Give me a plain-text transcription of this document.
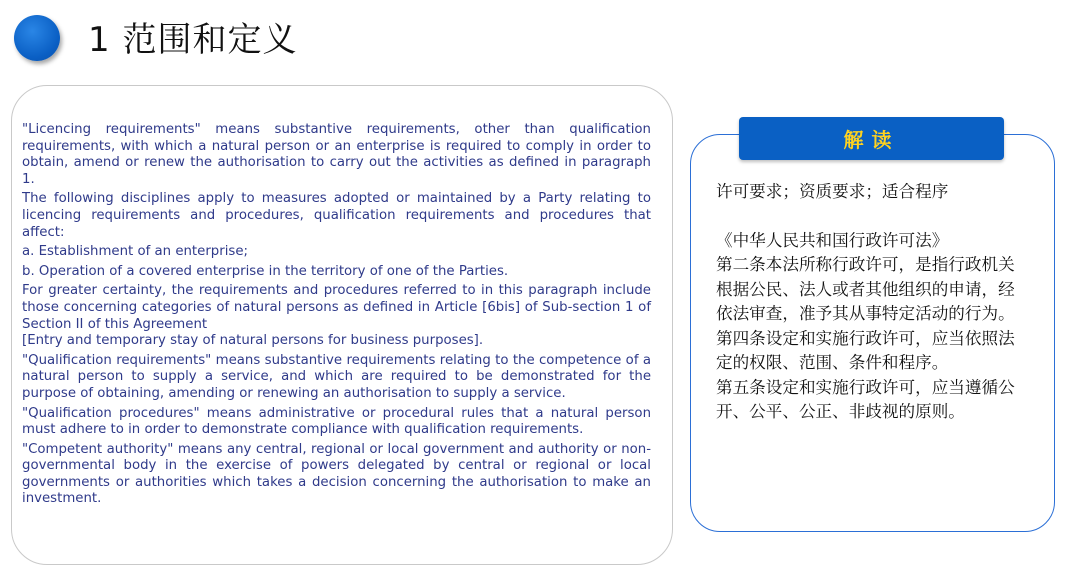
1 范围和定义

"Licencing requirements" means substantive requirements, other than qualification requirements, with which a natural person or an enterprise is required to comply in order to obtain, amend or renew the authorisation to carry out the activities as defined in paragraph 1.

The following disciplines apply to measures adopted or maintained by a Party relating to licencing requirements and procedures, qualification requirements and procedures that affect:

a. Establishment of an enterprise;

b. Operation of a covered enterprise in the territory of one of the Parties.

For greater certainty, the requirements and procedures referred to in this paragraph include those concerning categories of natural persons as defined in Article [6bis] of Sub-section 1 of Section II of this Agreement

[Entry and temporary stay of natural persons for business purposes].

"Qualification requirements" means substantive requirements relating to the competence of a natural person to supply a service, and which are required to be demonstrated for the purpose of obtaining, amending or renewing an authorisation to supply a service.

"Qualification procedures" means administrative or procedural rules that a natural person must adhere to in order to demonstrate compliance with qualification requirements.

"Competent authority" means any central, regional or local government and authority or non-governmental body in the exercise of powers delegated by central or regional or local governments or authorities which takes a decision concerning the authorisation to make an investment.

解读

许可要求；资质要求；适合程序

《中华人民共和国行政许可法》

第二条本法所称行政许可，是指行政机关根据公民、法人或者其他组织的申请，经依法审查，准予其从事特定活动的行为。

第四条设定和实施行政许可，应当依照法定的权限、范围、条件和程序。

第五条设定和实施行政许可，应当遵循公开、公平、公正、非歧视的原则。
